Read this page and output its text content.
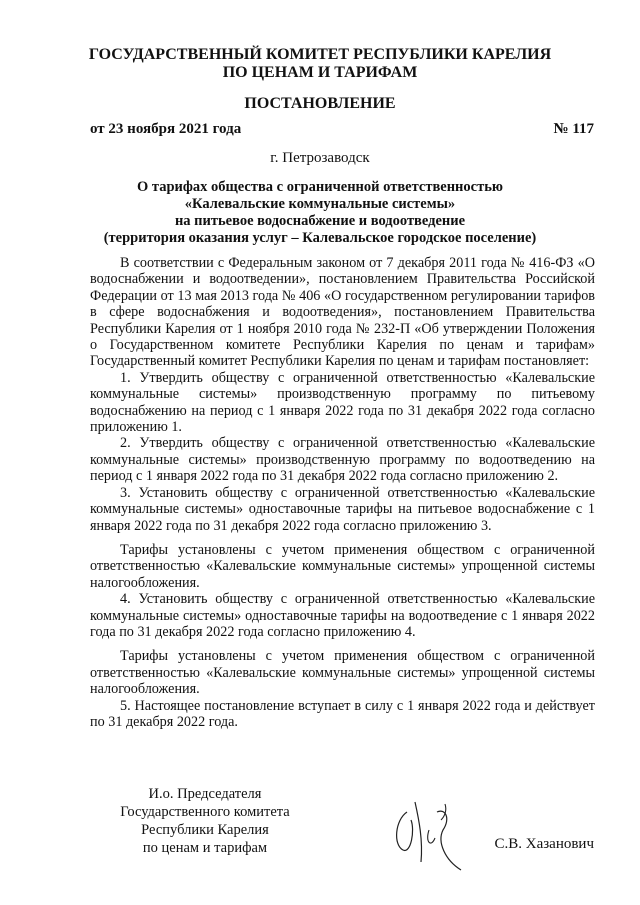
ГОСУДАРСТВЕННЫЙ КОМИТЕТ РЕСПУБЛИКИ КАРЕЛИЯ
ПО ЦЕНАМ И ТАРИФАМ
ПОСТАНОВЛЕНИЕ
от 23 ноября 2021 года	№ 117
г. Петрозаводск
О тарифах общества с ограниченной ответственностью
«Калевальские коммунальные системы»
на питьевое водоснабжение и водоотведение
(территория оказания услуг – Калевальское городское поселение)

В соответствии с Федеральным законом от 7 декабря 2011 года № 416-ФЗ «О водоснабжении и водоотведении», постановлением Правительства Российской Федерации от 13 мая 2013 года № 406 «О государственном регулировании тарифов в сфере водоснабжения и водоотведения», постановлением Правительства Республики Карелия от 1 ноября 2010 года № 232-П «Об утверждении Положения о Государственном комитете Республики Карелия по ценам и тарифам» Государственный комитет Республики Карелия по ценам и тарифам постановляет:

1. Утвердить обществу с ограниченной ответственностью «Калевальские коммунальные системы» производственную программу по питьевому водоснабжению на период с 1 января 2022 года по 31 декабря 2022 года согласно приложению 1.

2. Утвердить обществу с ограниченной ответственностью «Калевальские коммунальные системы» производственную программу по водоотведению на период с 1 января 2022 года по 31 декабря 2022 года согласно приложению 2.

3. Установить обществу с ограниченной ответственностью «Калевальские коммунальные системы» одноставочные тарифы на питьевое водоснабжение с 1 января 2022 года по 31 декабря 2022 года согласно приложению 3.

Тарифы установлены с учетом применения обществом с ограниченной ответственностью «Калевальские коммунальные системы» упрощенной системы налогообложения.

4. Установить обществу с ограниченной ответственностью «Калевальские коммунальные системы» одноставочные тарифы на водоотведение с 1 января 2022 года по 31 декабря 2022 года согласно приложению 4.

Тарифы установлены с учетом применения обществом с ограниченной ответственностью «Калевальские коммунальные системы» упрощенной системы налогообложения.

5. Настоящее постановление вступает в силу с 1 января 2022 года и действует по 31 декабря 2022 года.

И.о. Председателя
Государственного комитета
Республики Карелия
по ценам и тарифам	С.В. Хазанович
